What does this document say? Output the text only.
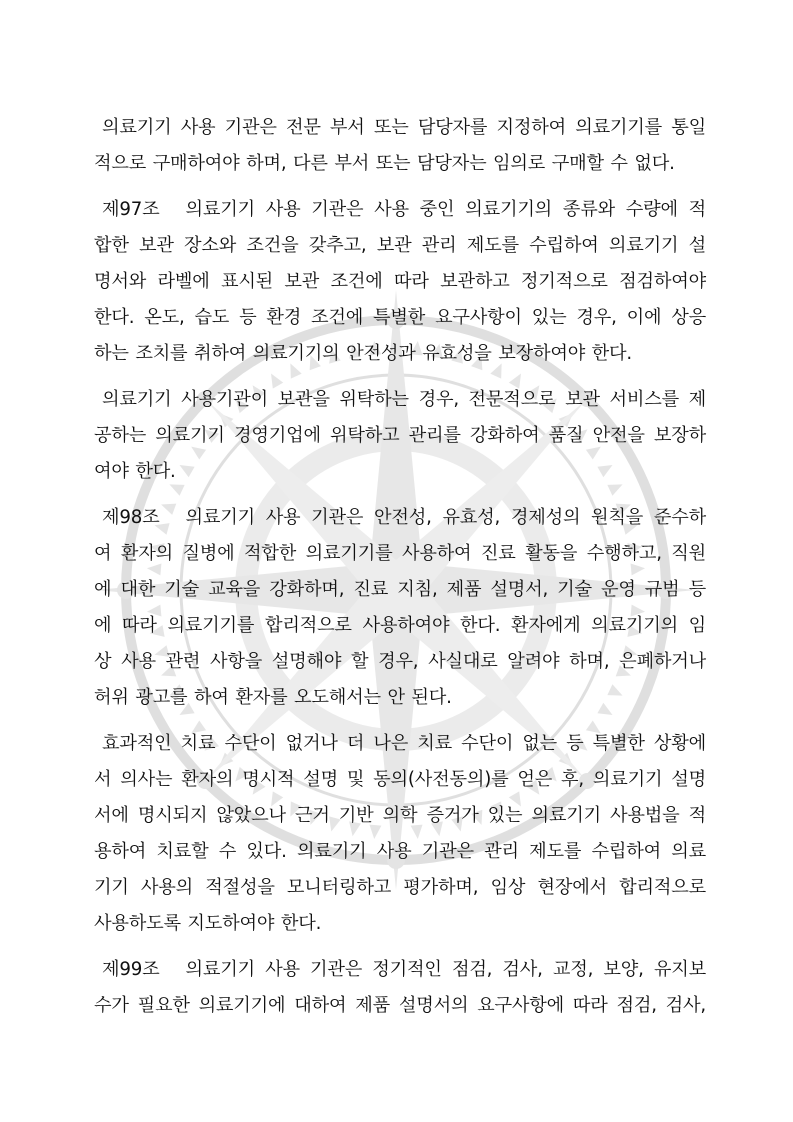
의료기기 사용 기관은 전문 부서 또는 담당자를 지정하여 의료기기를 통일
적으로 구매하여야 하며, 다른 부서 또는 담당자는 임의로 구매할 수 없다.
제97조 의료기기 사용 기관은 사용 중인 의료기기의 종류와 수량에 적
합한 보관 장소와 조건을 갖추고, 보관 관리 제도를 수립하여 의료기기 설
명서와 라벨에 표시된 보관 조건에 따라 보관하고 정기적으로 점검하여야
한다. 온도, 습도 등 환경 조건에 특별한 요구사항이 있는 경우, 이에 상응
하는 조치를 취하여 의료기기의 안전성과 유효성을 보장하여야 한다.
의료기기 사용기관이 보관을 위탁하는 경우, 전문적으로 보관 서비스를 제
공하는 의료기기 경영기업에 위탁하고 관리를 강화하여 품질 안전을 보장하
여야 한다.
제98조 의료기기 사용 기관은 안전성, 유효성, 경제성의 원칙을 준수하
여 환자의 질병에 적합한 의료기기를 사용하여 진료 활동을 수행하고, 직원
에 대한 기술 교육을 강화하며, 진료 지침, 제품 설명서, 기술 운영 규범 등
에 따라 의료기기를 합리적으로 사용하여야 한다. 환자에게 의료기기의 임
상 사용 관련 사항을 설명해야 할 경우, 사실대로 알려야 하며, 은폐하거나
허위 광고를 하여 환자를 오도해서는 안 된다.
효과적인 치료 수단이 없거나 더 나은 치료 수단이 없는 등 특별한 상황에
서 의사는 환자의 명시적 설명 및 동의(사전동의)를 얻은 후, 의료기기 설명
서에 명시되지 않았으나 근거 기반 의학 증거가 있는 의료기기 사용법을 적
용하여 치료할 수 있다. 의료기기 사용 기관은 관리 제도를 수립하여 의료
기기 사용의 적절성을 모니터링하고 평가하며, 임상 현장에서 합리적으로
사용하도록 지도하여야 한다.
제99조 의료기기 사용 기관은 정기적인 점검, 검사, 교정, 보양, 유지보
수가 필요한 의료기기에 대하여 제품 설명서의 요구사항에 따라 점검, 검사,
